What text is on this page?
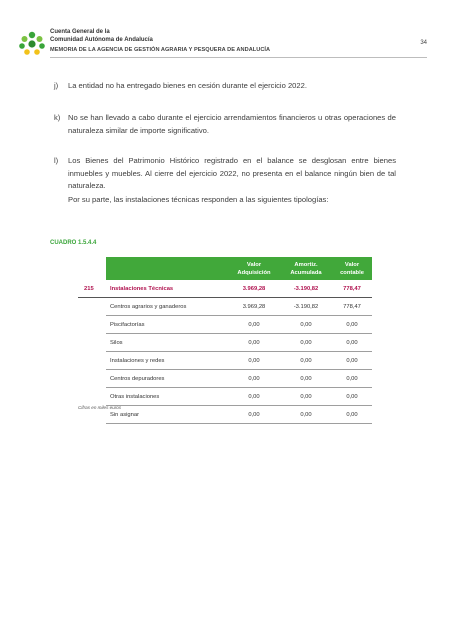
Cuenta General de la
Comunidad Autónoma de Andalucía
MEMORIA DE LA AGENCIA DE GESTIÓN AGRARIA Y PESQUERA DE ANDALUCÍA
34
j) La entidad no ha entregado bienes en cesión durante el ejercicio 2022.
k) No se han llevado a cabo durante el ejercicio arrendamientos financieros u otras operaciones de naturaleza similar de importe significativo.
l) Los Bienes del Patrimonio Histórico registrado en el balance se desglosan entre bienes inmuebles y muebles. Al cierre del ejercicio 2022, no presenta en el balance ningún bien de tal naturaleza.
Por su parte, las instalaciones técnicas responden a las siguientes tipologías:
CUADRO 1.5.4.4
		Valor Adquisición	Amortiz. Acumulada	Valor contable
215	Instalaciones Técnicas	3.969,28	-3.190,82	778,47
	Centros agrarios y ganaderos	3.969,28	-3.190,82	778,47
	Piscifactorías	0,00	0,00	0,00
	Silos	0,00	0,00	0,00
	Instalaciones y redes	0,00	0,00	0,00
	Centros depuradores	0,00	0,00	0,00
	Otras instalaciones	0,00	0,00	0,00
	Sin asignar	0,00	0,00	0,00
Cifras en miles euros
